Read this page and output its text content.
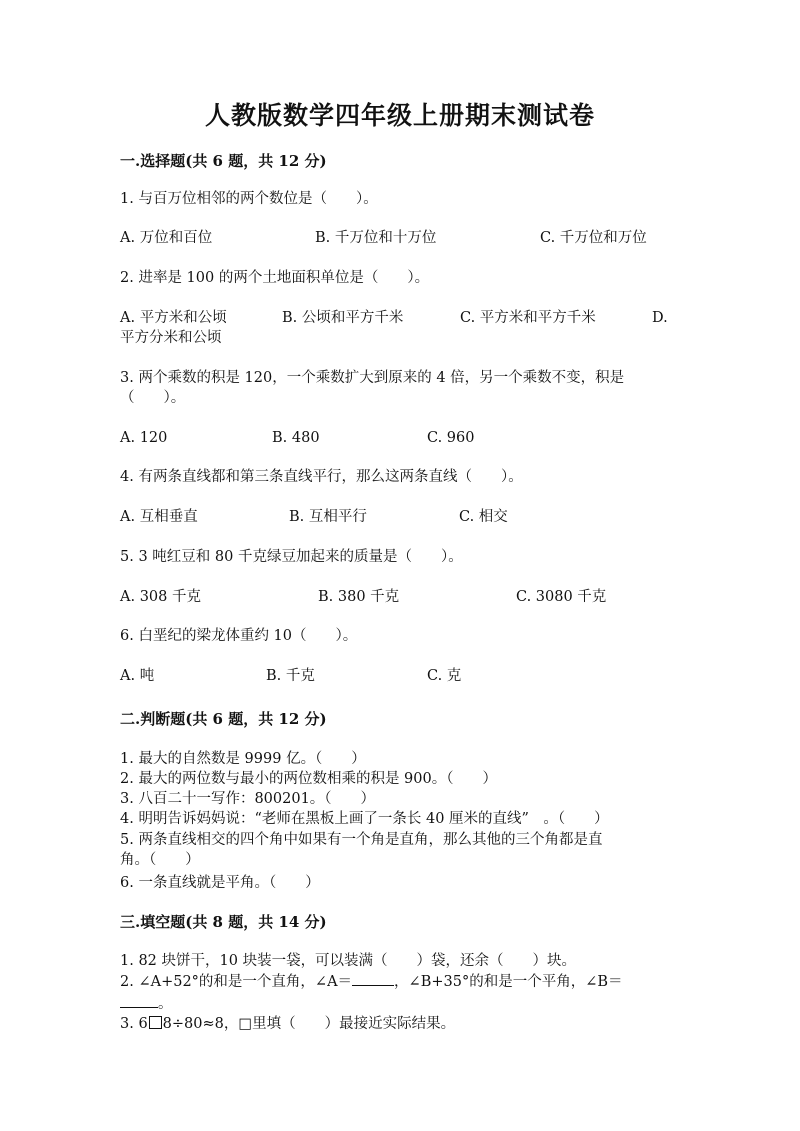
人教版数学四年级上册期末测试卷
一.选择题(共 6 题，共 12 分)
1. 与百万位相邻的两个数位是（　　）。
A. 万位和百位	B. 千万位和十万位	C. 千万位和万位
2. 进率是 100 的两个土地面积单位是（　　）。
A. 平方米和公顷	B. 公顷和平方千米	C. 平方米和平方千米	D.
平方分米和公顷
3. 两个乘数的积是 120，一个乘数扩大到原来的 4 倍，另一个乘数不变，积是
（　　）。
A. 120	B. 480	C. 960
4. 有两条直线都和第三条直线平行，那么这两条直线（　　）。
A. 互相垂直	B. 互相平行	C. 相交
5. 3 吨红豆和 80 千克绿豆加起来的质量是（　　）。
A. 308 千克	B. 380 千克	C. 3080 千克
6. 白垩纪的梁龙体重约 10（　　）。
A. 吨	B. 千克	C. 克
二.判断题(共 6 题，共 12 分)
1. 最大的自然数是 9999 亿。（　　）
2. 最大的两位数与最小的两位数相乘的积是 900。（　　）
3. 八百二十一写作：800201。（　　）
4. 明明告诉妈妈说：“老师在黑板上画了一条长 40 厘米的直线”　。（　　）
5. 两条直线相交的四个角中如果有一个角是直角，那么其他的三个角都是直
角。（　　）
6. 一条直线就是平角。（　　）
三.填空题(共 8 题，共 14 分)
1. 82 块饼干，10 块装一袋，可以装满（　　）袋，还余（　　）块。
2. ∠A+52°的和是一个直角，∠A＝	，∠B+35°的和是一个平角，∠B＝
。
3. 6 8÷80≈8，□里填（　　）最接近实际结果。
